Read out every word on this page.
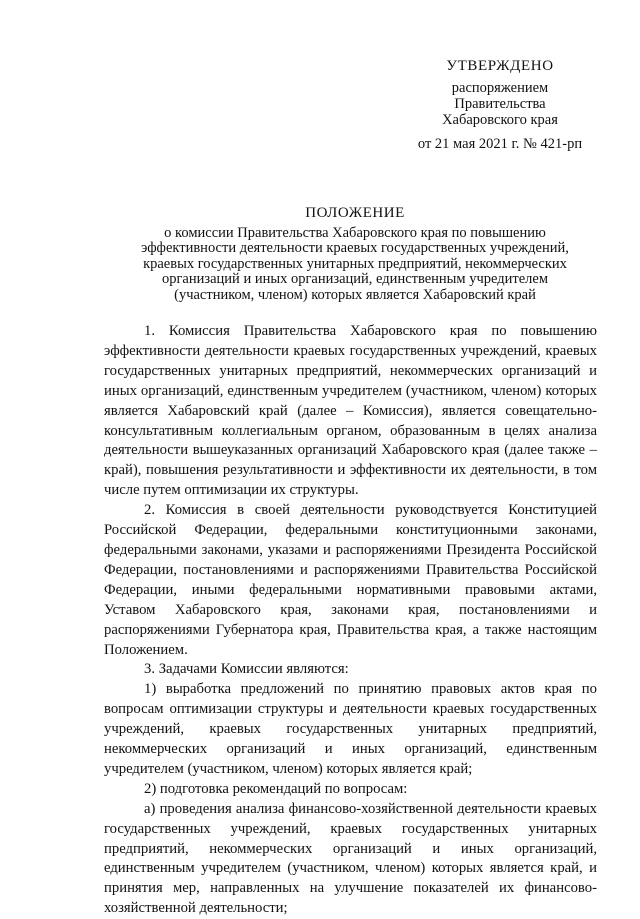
УТВЕРЖДЕНО
распоряжением
Правительства
Хабаровского края
от 21 мая 2021 г. № 421-рп
ПОЛОЖЕНИЕ
о комиссии Правительства Хабаровского края по повышению
эффективности деятельности краевых государственных учреждений,
краевых государственных унитарных предприятий, некоммерческих
организаций и иных организаций, единственным учредителем
(участником, членом) которых является Хабаровский край

1. Комиссия Правительства Хабаровского края по повышению эффективности деятельности краевых государственных учреждений, краевых государственных унитарных предприятий, некоммерческих организаций и иных организаций, единственным учредителем (участником, членом) которых является Хабаровский край (далее – Комиссия), является совещательно-консультативным коллегиальным органом, образованным в целях анализа деятельности вышеуказанных организаций Хабаровского края (далее также – край), повышения результативности и эффективности их деятельности, в том числе путем оптимизации их структуры.

2. Комиссия в своей деятельности руководствуется Конституцией Российской Федерации, федеральными конституционными законами, федеральными законами, указами и распоряжениями Президента Российской Федерации, постановлениями и распоряжениями Правительства Российской Федерации, иными федеральными нормативными правовыми актами, Уставом Хабаровского края, законами края, постановлениями и распоряжениями Губернатора края, Правительства края, а также настоящим Положением.

3. Задачами Комиссии являются:

1) выработка предложений по принятию правовых актов края по вопросам оптимизации структуры и деятельности краевых государственных учреждений, краевых государственных унитарных предприятий, некоммерческих организаций и иных организаций, единственным учредителем (участником, членом) которых является край;

2) подготовка рекомендаций по вопросам:

а) проведения анализа финансово-хозяйственной деятельности краевых государственных учреждений, краевых государственных унитарных предприятий, некоммерческих организаций и иных организаций, единственным учредителем (участником, членом) которых является край, и принятия мер, направленных на улучшение показателей их финансово-хозяйственной деятельности;
